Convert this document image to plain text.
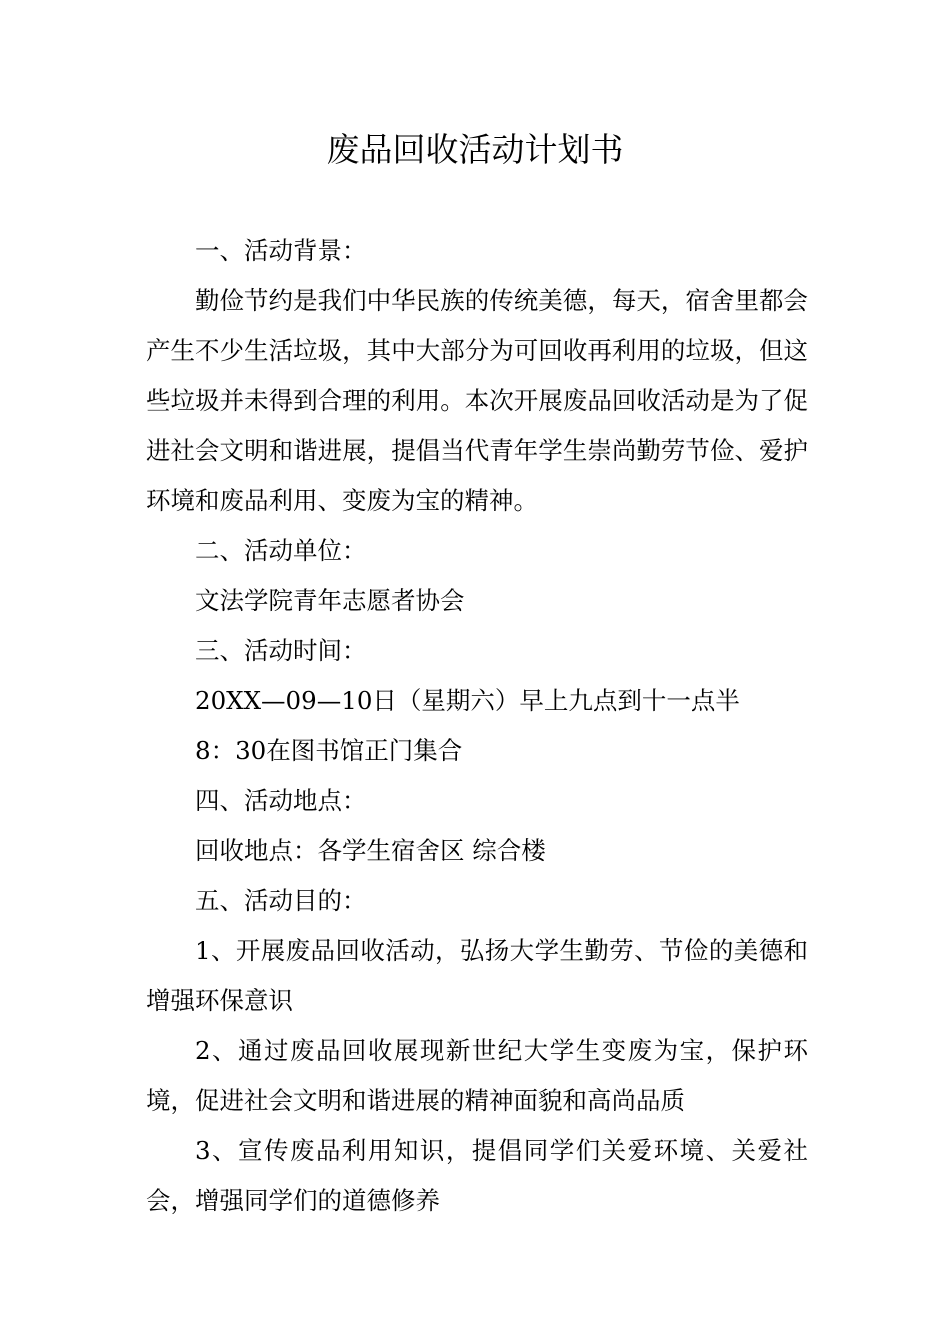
废品回收活动计划书

一、活动背景：

勤俭节约是我们中华民族的传统美德，每天，宿舍里都会产生不少生活垃圾，其中大部分为可回收再利用的垃圾，但这些垃圾并未得到合理的利用。本次开展废品回收活动是为了促进社会文明和谐进展，提倡当代青年学生崇尚勤劳节俭、爱护环境和废品利用、变废为宝的精神。

二、活动单位：

文法学院青年志愿者协会

三、活动时间：

20XX—09—10日（星期六）早上九点到十一点半

8：30在图书馆正门集合

四、活动地点：

回收地点：各学生宿舍区 综合楼

五、活动目的：

1、开展废品回收活动，弘扬大学生勤劳、节俭的美德和增强环保意识

2、通过废品回收展现新世纪大学生变废为宝，保护环境，促进社会文明和谐进展的精神面貌和高尚品质

3、宣传废品利用知识，提倡同学们关爱环境、关爱社会，增强同学们的道德修养
